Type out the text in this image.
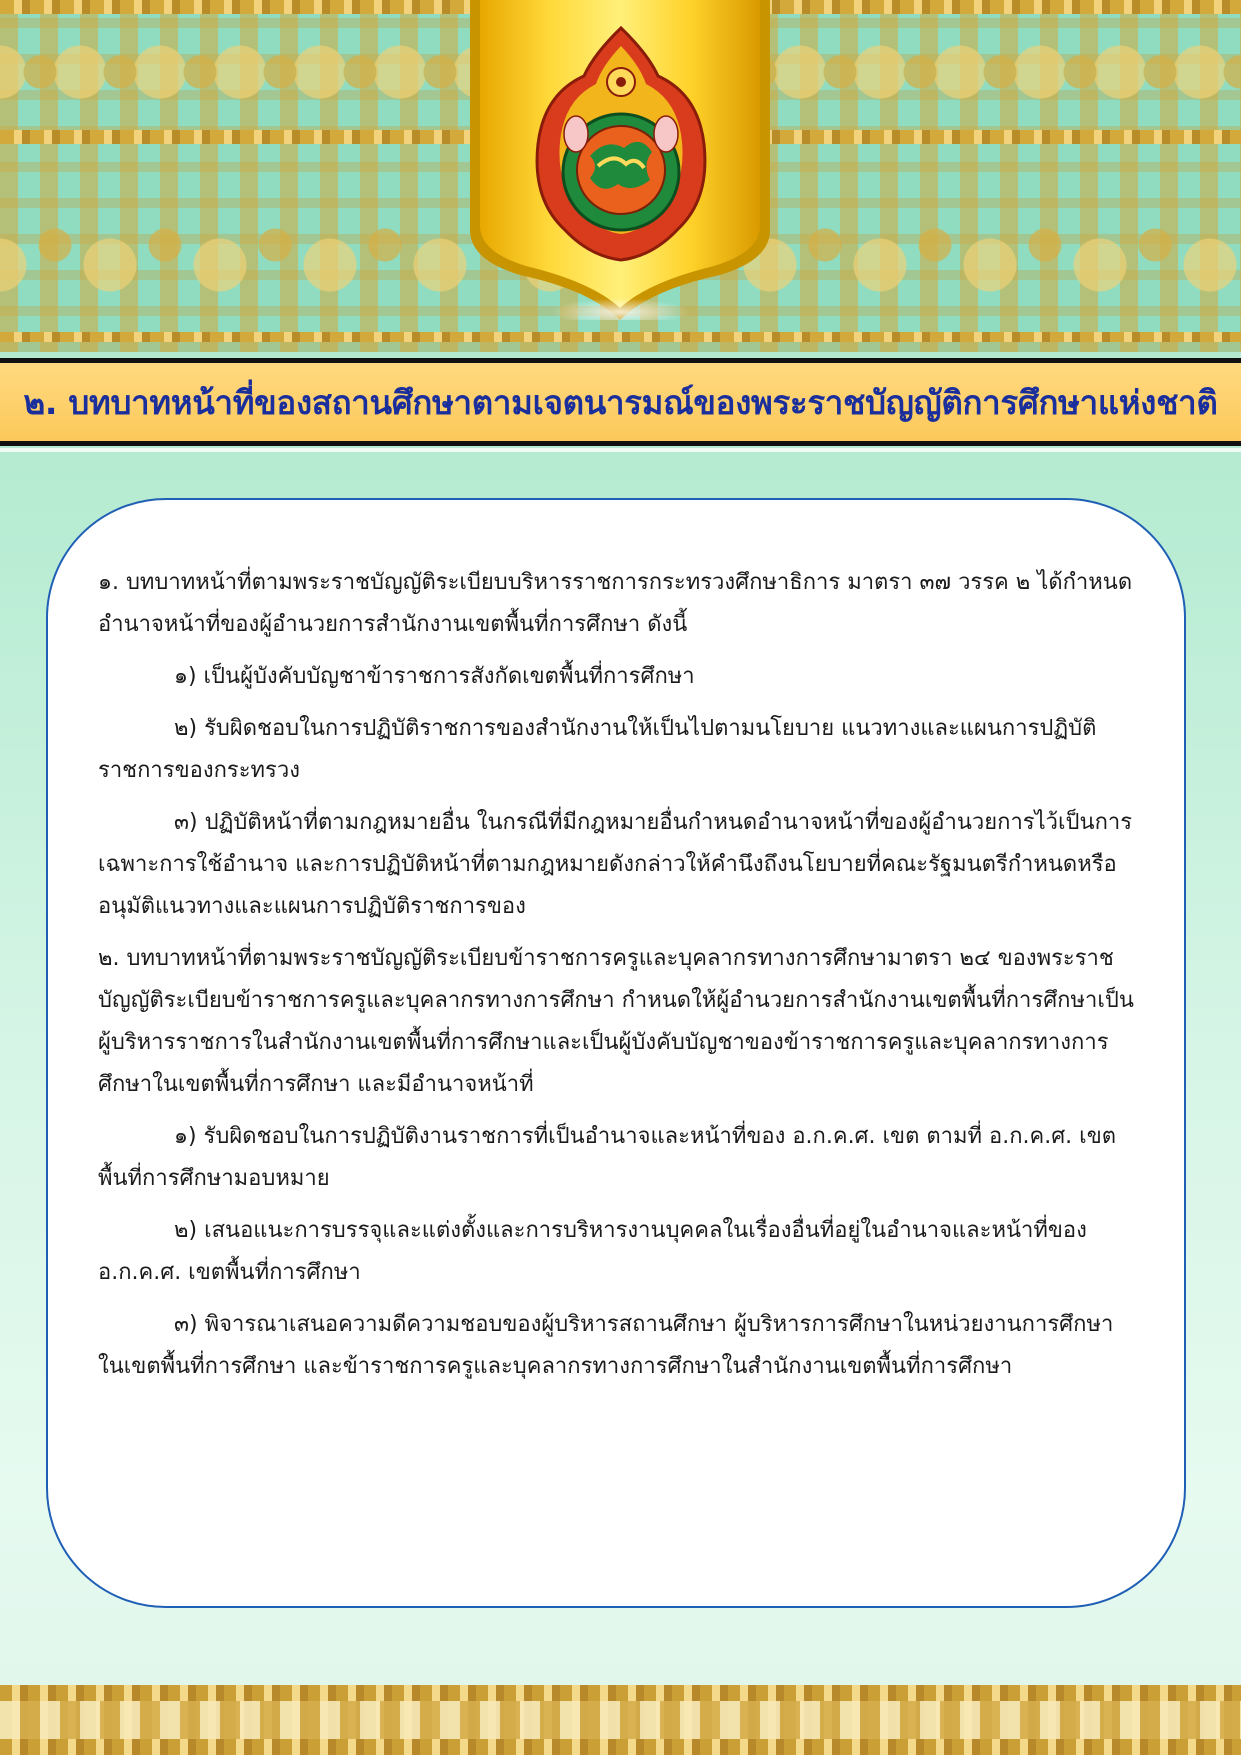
๒. บทบาทหน้าที่ของสถานศึกษาตามเจตนารมณ์ของพระราชบัญญัติการศึกษาแห่งชาติ

๑. บทบาทหน้าที่ตามพระราชบัญญัติระเบียบบริหารราชการกระทรวงศึกษาธิการ มาตรา ๓๗ วรรค ๒ ได้กำหนดอำนาจหน้าที่ของผู้อำนวยการสำนักงานเขตพื้นที่การศึกษา ดังนี้

๑) เป็นผู้บังคับบัญชาข้าราชการสังกัดเขตพื้นที่การศึกษา

๒) รับผิดชอบในการปฏิบัติราชการของสำนักงานให้เป็นไปตามนโยบาย แนวทางและแผนการปฏิบัติราชการของกระทรวง

๓) ปฏิบัติหน้าที่ตามกฎหมายอื่น ในกรณีที่มีกฎหมายอื่นกำหนดอำนาจหน้าที่ของผู้อำนวยการไว้เป็นการเฉพาะการใช้อำนาจ และการปฏิบัติหน้าที่ตามกฎหมายดังกล่าวให้คำนึงถึงนโยบายที่คณะรัฐมนตรีกำหนดหรืออนุมัติแนวทางและแผนการปฏิบัติราชการของ

๒. บทบาทหน้าที่ตามพระราชบัญญัติระเบียบข้าราชการครูและบุคลากรทางการศึกษามาตรา ๒๔ ของพระราชบัญญัติระเบียบข้าราชการครูและบุคลากรทางการศึกษา กำหนดให้ผู้อำนวยการสำนักงานเขตพื้นที่การศึกษาเป็นผู้บริหารราชการในสำนักงานเขตพื้นที่การศึกษาและเป็นผู้บังคับบัญชาของข้าราชการครูและบุคลากรทางการศึกษาในเขตพื้นที่การศึกษา และมีอำนาจหน้าที่

๑) รับผิดชอบในการปฏิบัติงานราชการที่เป็นอำนาจและหน้าที่ของ อ.ก.ค.ศ. เขต ตามที่ อ.ก.ค.ศ. เขตพื้นที่การศึกษามอบหมาย

๒) เสนอแนะการบรรจุและแต่งตั้งและการบริหารงานบุคคลในเรื่องอื่นที่อยู่ในอำนาจและหน้าที่ของ อ.ก.ค.ศ. เขตพื้นที่การศึกษา

๓) พิจารณาเสนอความดีความชอบของผู้บริหารสถานศึกษา ผู้บริหารการศึกษาในหน่วยงานการศึกษาในเขตพื้นที่การศึกษา และข้าราชการครูและบุคลากรทางการศึกษาในสำนักงานเขตพื้นที่การศึกษา
